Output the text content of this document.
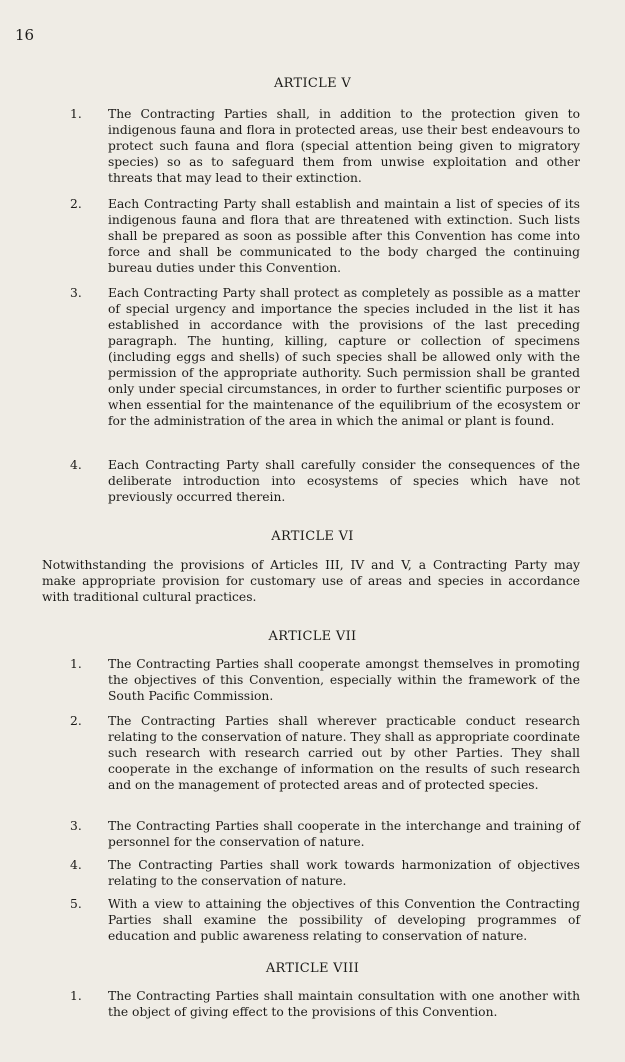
16
ARTICLE V
1.	The Contracting Parties shall, in addition to the protection given to indigenous fauna and flora in protected areas, use their best endeavours to protect such fauna and flora (special attention being given to migratory species) so as to safeguard them from unwise exploitation and other threats that may lead to their extinction.
2.	Each Contracting Party shall establish and maintain a list of species of its indigenous fauna and flora that are threatened with extinction. Such lists shall be prepared as soon as possible after this Convention has come into force and shall be communicated to the body charged the continuing bureau duties under this Convention.
3.	Each Contracting Party shall protect as completely as possible as a matter of special urgency and importance the species included in the list it has established in accordance with the provisions of the last preceding paragraph. The hunting, killing, capture or collection of specimens (including eggs and shells) of such species shall be allowed only with the permission of the appropriate authority. Such permission shall be granted only under special circumstances, in order to further scientific purposes or when essential for the maintenance of the equilibrium of the ecosystem or for the administration of the area in which the animal or plant is found.
4.	Each Contracting Party shall carefully consider the consequences of the deliberate introduction into ecosystems of species which have not previously occurred therein.
ARTICLE VI
Notwithstanding the provisions of Articles III, IV and V, a Contracting Party may make appropriate provision for customary use of areas and species in accordance with traditional cultural practices.
ARTICLE VII
1.	The Contracting Parties shall cooperate amongst themselves in promoting the objectives of this Convention, especially within the framework of the South Pacific Commission.
2.	The Contracting Parties shall wherever practicable conduct research relating to the conservation of nature. They shall as appropriate coordinate such research with research carried out by other Parties. They shall cooperate in the exchange of information on the results of such research and on the management of protected areas and of protected species.
3.	The Contracting Parties shall cooperate in the interchange and training of personnel for the conservation of nature.
4.	The Contracting Parties shall work towards harmonization of objectives relating to the conservation of nature.
5.	With a view to attaining the objectives of this Convention the Contracting Parties shall examine the possibility of developing programmes of education and public awareness relating to conservation of nature.
ARTICLE VIII
1.	The Contracting Parties shall maintain consultation with one another with the object of giving effect to the provisions of this Convention.
